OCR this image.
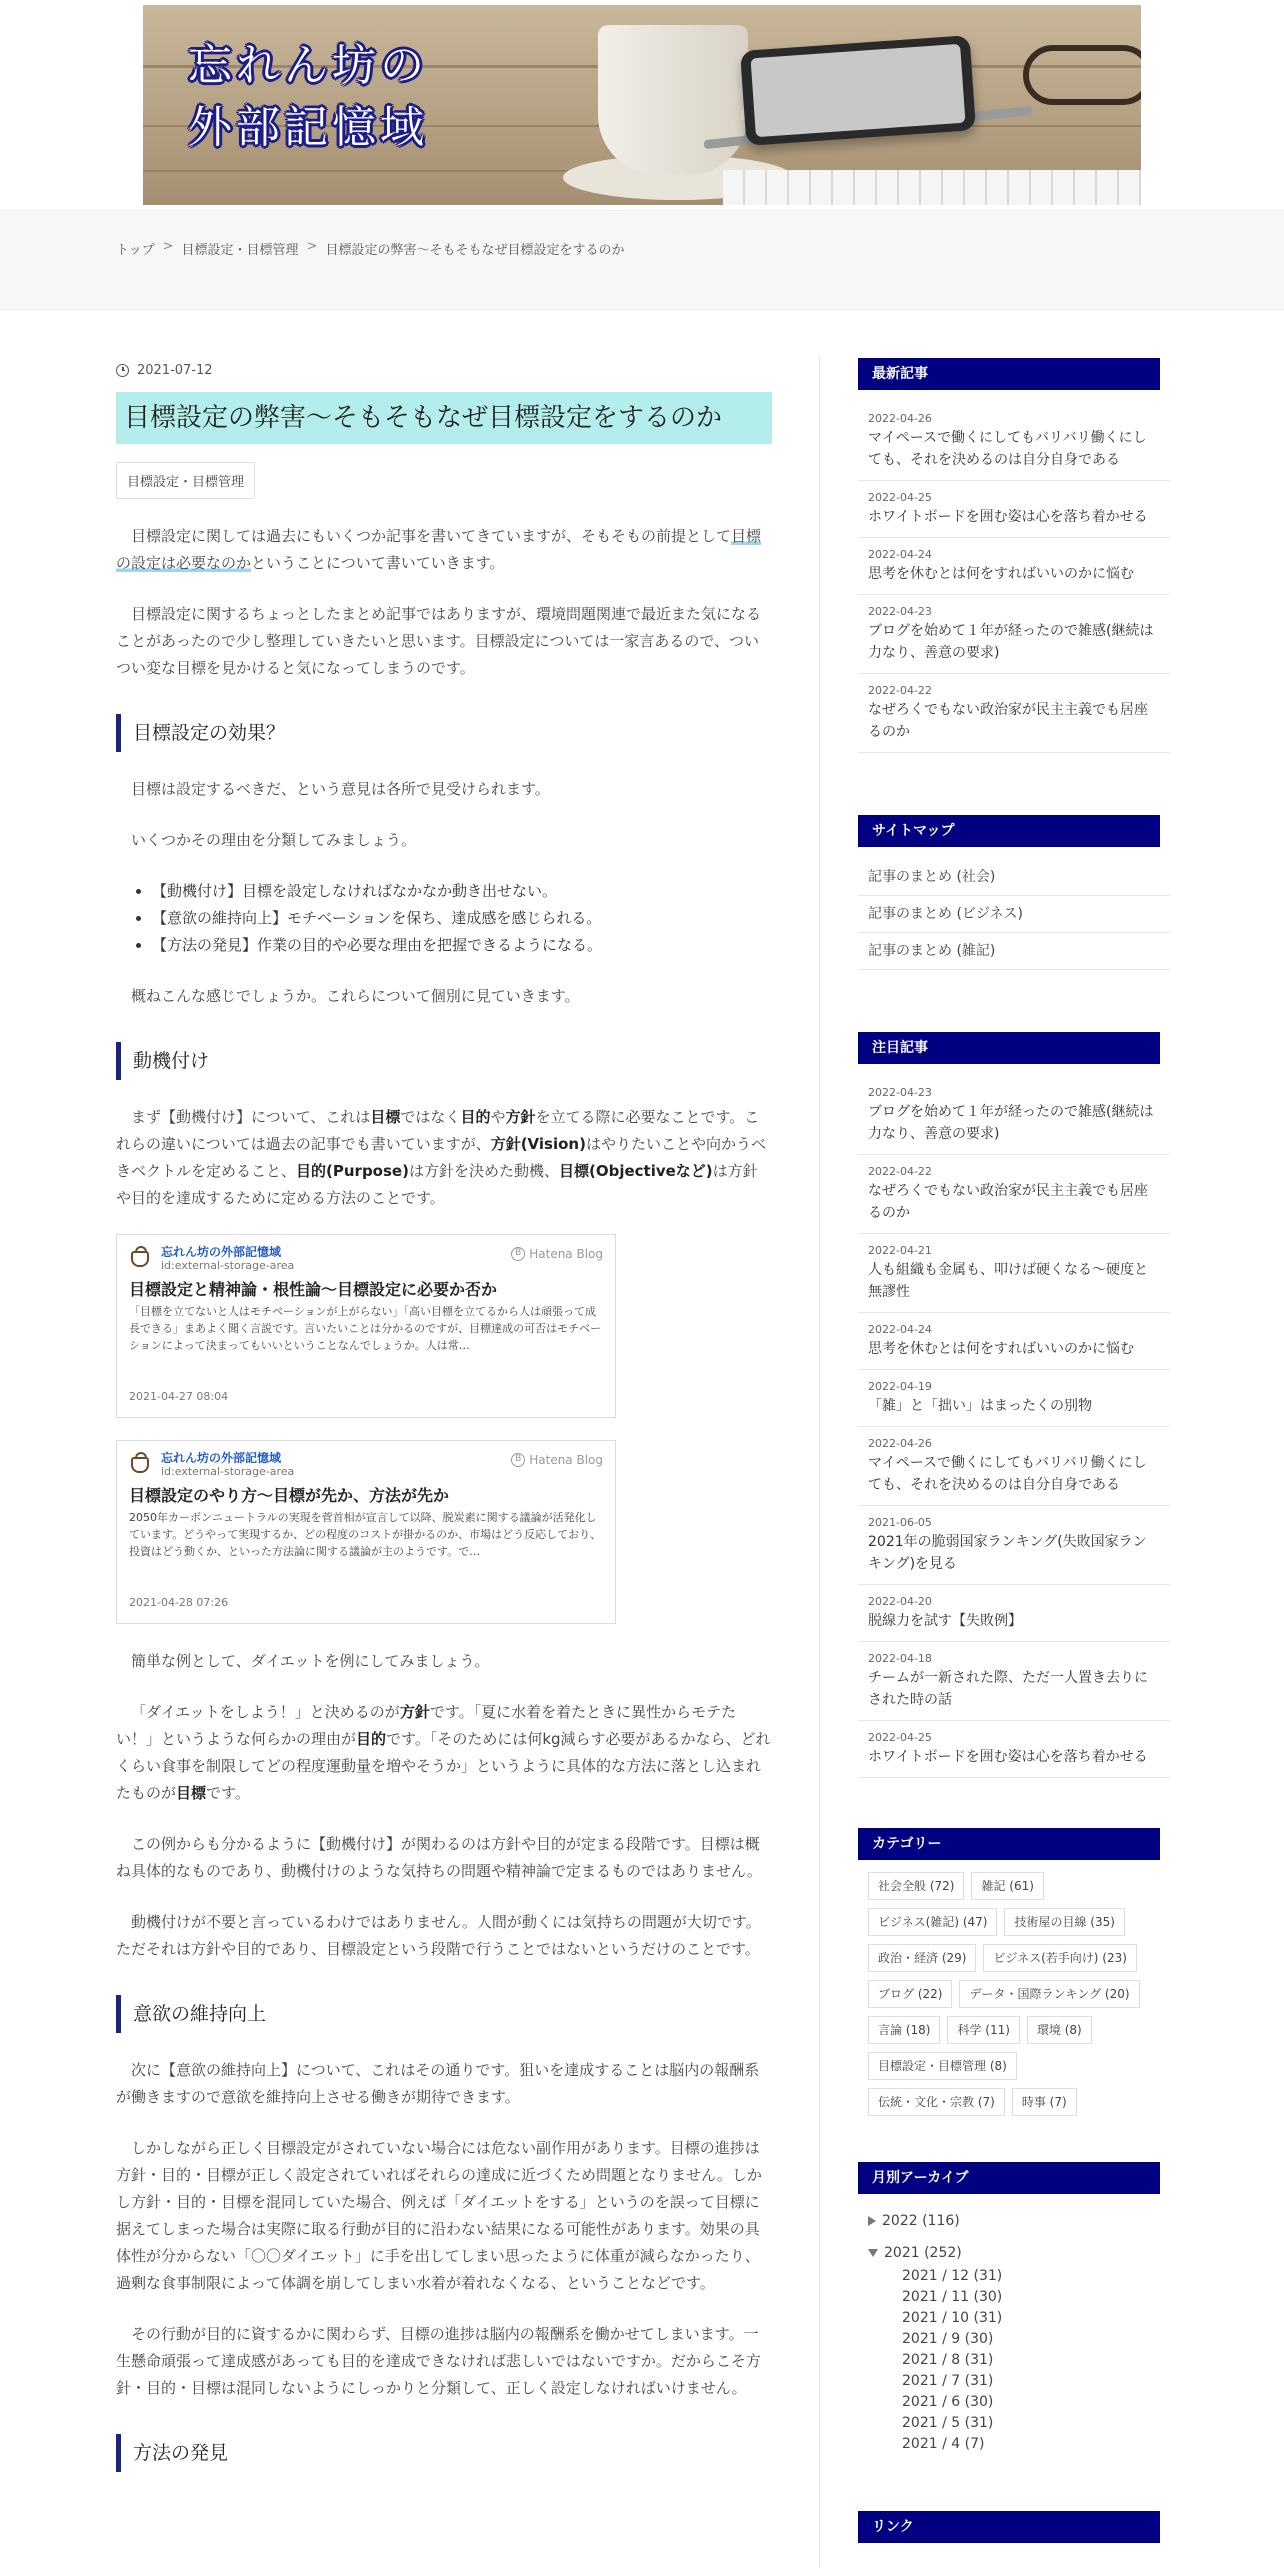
忘れん坊の
外部記憶域
トップ > 目標設定・目標管理 > 目標設定の弊害～そもそもなぜ目標設定をするのか
2021-07-12
目標設定の弊害～そもそもなぜ目標設定をするのか
目標設定・目標管理

目標設定に関しては過去にもいくつか記事を書いてきていますが、そもそもの前提として目標の設定は必要なのかということについて書いていきます。

目標設定に関するちょっとしたまとめ記事ではありますが、環境問題関連で最近また気になることがあったので少し整理していきたいと思います。目標設定については一家言あるので、ついつい変な目標を見かけると気になってしまうのです。

目標設定の効果？

目標は設定するべきだ、という意見は各所で見受けられます。

いくつかその理由を分類してみましょう。

• 【動機付け】目標を設定しなければなかなか動き出せない。
• 【意欲の維持向上】モチベーションを保ち、達成感を感じられる。
• 【方法の発見】作業の目的や必要な理由を把握できるようになる。

概ねこんな感じでしょうか。これらについて個別に見ていきます。

動機付け

まず【動機付け】について、これは目標ではなく目的や方針を立てる際に必要なことです。これらの違いについては過去の記事でも書いていますが、方針(Vision)はやりたいことや向かうべきベクトルを定めること、目的(Purpose)は方針を決めた動機、目標(Objectiveなど)は方針や目的を達成するために定める方法のことです。

忘れん坊の外部記憶域
id:external-storage-area
B Hatena Blog
目標設定と精神論・根性論～目標設定に必要か否か
「目標を立てないと人はモチベーションが上がらない」「高い目標を立てるから人は頑張って成長できる」まあよく聞く言説です。言いたいことは分かるのですが、目標達成の可否はモチベーションによって決まってもいいということなんでしょうか。人は常…
2021-04-27 08:04
忘れん坊の外部記憶域
id:external-storage-area
B Hatena Blog
目標設定のやり方～目標が先か、方法が先か
2050年カーボンニュートラルの実現を菅首相が宣言して以降、脱炭素に関する議論が活発化しています。どうやって実現するか、どの程度のコストが掛かるのか、市場はどう反応しており、投資はどう動くか、といった方法論に関する議論が主のようです。で…
2021-04-28 07:26

簡単な例として、ダイエットを例にしてみましょう。

「ダイエットをしよう！」と決めるのが方針です。「夏に水着を着たときに異性からモテたい！」というような何らかの理由が目的です。「そのためには何kg減らす必要があるかなら、どれくらい食事を制限してどの程度運動量を増やそうか」というように具体的な方法に落とし込まれたものが目標です。

この例からも分かるように【動機付け】が関わるのは方針や目的が定まる段階です。目標は概ね具体的なものであり、動機付けのような気持ちの問題や精神論で定まるものではありません。

動機付けが不要と言っているわけではありません。人間が動くには気持ちの問題が大切です。ただそれは方針や目的であり、目標設定という段階で行うことではないというだけのことです。

意欲の維持向上

次に【意欲の維持向上】について、これはその通りです。狙いを達成することは脳内の報酬系が働きますので意欲を維持向上させる働きが期待できます。

しかしながら正しく目標設定がされていない場合には危ない副作用があります。目標の進捗は方針・目的・目標が正しく設定されていればそれらの達成に近づくため問題となりません。しかし方針・目的・目標を混同していた場合、例えば「ダイエットをする」というのを誤って目標に据えてしまった場合は実際に取る行動が目的に沿わない結果になる可能性があります。効果の具体性が分からない「〇〇ダイエット」に手を出してしまい思ったように体重が減らなかったり、過剰な食事制限によって体調を崩してしまい水着が着れなくなる、ということなどです。

その行動が目的に資するかに関わらず、目標の進捗は脳内の報酬系を働かせてしまいます。一生懸命頑張って達成感があっても目的を達成できなければ悲しいではないですか。だからこそ方針・目的・目標は混同しないようにしっかりと分類して、正しく設定しなければいけません。

方法の発見
最新記事
2022-04-26
マイペースで働くにしてもバリバリ働くにしても、それを決めるのは自分自身である
2022-04-25
ホワイトボードを囲む姿は心を落ち着かせる
2022-04-24
思考を休むとは何をすればいいのかに悩む
2022-04-23
ブログを始めて１年が経ったので雑感(継続は力なり、善意の要求)
2022-04-22
なぜろくでもない政治家が民主主義でも居座るのか
サイトマップ
記事のまとめ (社会)
記事のまとめ (ビジネス)
記事のまとめ (雑記)
注目記事
2022-04-23
ブログを始めて１年が経ったので雑感(継続は力なり、善意の要求)
2022-04-22
なぜろくでもない政治家が民主主義でも居座るのか
2022-04-21
人も組織も金属も、叩けば硬くなる～硬度と無謬性
2022-04-24
思考を休むとは何をすればいいのかに悩む
2022-04-19
「雑」と「拙い」はまったくの別物
2022-04-26
マイペースで働くにしてもバリバリ働くにしても、それを決めるのは自分自身である
2021-06-05
2021年の脆弱国家ランキング(失敗国家ランキング)を見る
2022-04-20
脱線力を試す【失敗例】
2022-04-18
チームが一新された際、ただ一人置き去りにされた時の話
2022-04-25
ホワイトボードを囲む姿は心を落ち着かせる
カテゴリー
社会全般 (72)	雑記 (61)
ビジネス(雑記) (47)	技術屋の目線 (35)
政治・経済 (29)	ビジネス(若手向け) (23)
ブログ (22)	データ・国際ランキング (20)
言論 (18)	科学 (11)	環境 (8)
目標設定・目標管理 (8)
伝統・文化・宗教 (7)	時事 (7)
月別アーカイブ
2022 (116)
2021 (252)
2021 / 12 (31)
2021 / 11 (30)
2021 / 10 (31)
2021 / 9 (30)
2021 / 8 (31)
2021 / 7 (31)
2021 / 6 (30)
2021 / 5 (31)
2021 / 4 (7)
リンク
